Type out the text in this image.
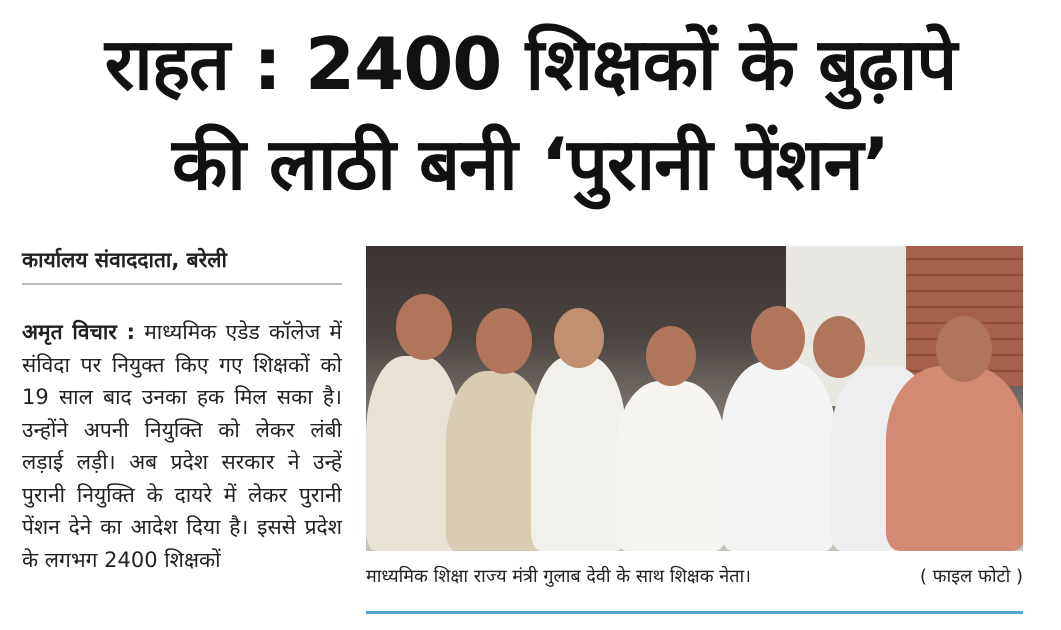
राहत : 2400 शिक्षकों के बुढ़ापे
की लाठी बनी ‘पुरानी पेंशन’
कार्यालय संवाददाता, बरेली
अमृत विचार : माध्यमिक एडेड कॉलेज में संविदा पर नियुक्त किए गए शिक्षकों को 19 साल बाद उनका हक मिल सका है। उन्होंने अपनी नियुक्ति को लेकर लंबी लड़ाई लड़ी। अब प्रदेश सरकार ने उन्हें पुरानी नियुक्ति के दायरे में लेकर पुरानी पेंशन देने का आदेश दिया है। इससे प्रदेश के लगभग 2400 शिक्षकों
माध्यमिक शिक्षा राज्य मंत्री गुलाब देवी के साथ शिक्षक नेता।	( फाइल फोटो )
